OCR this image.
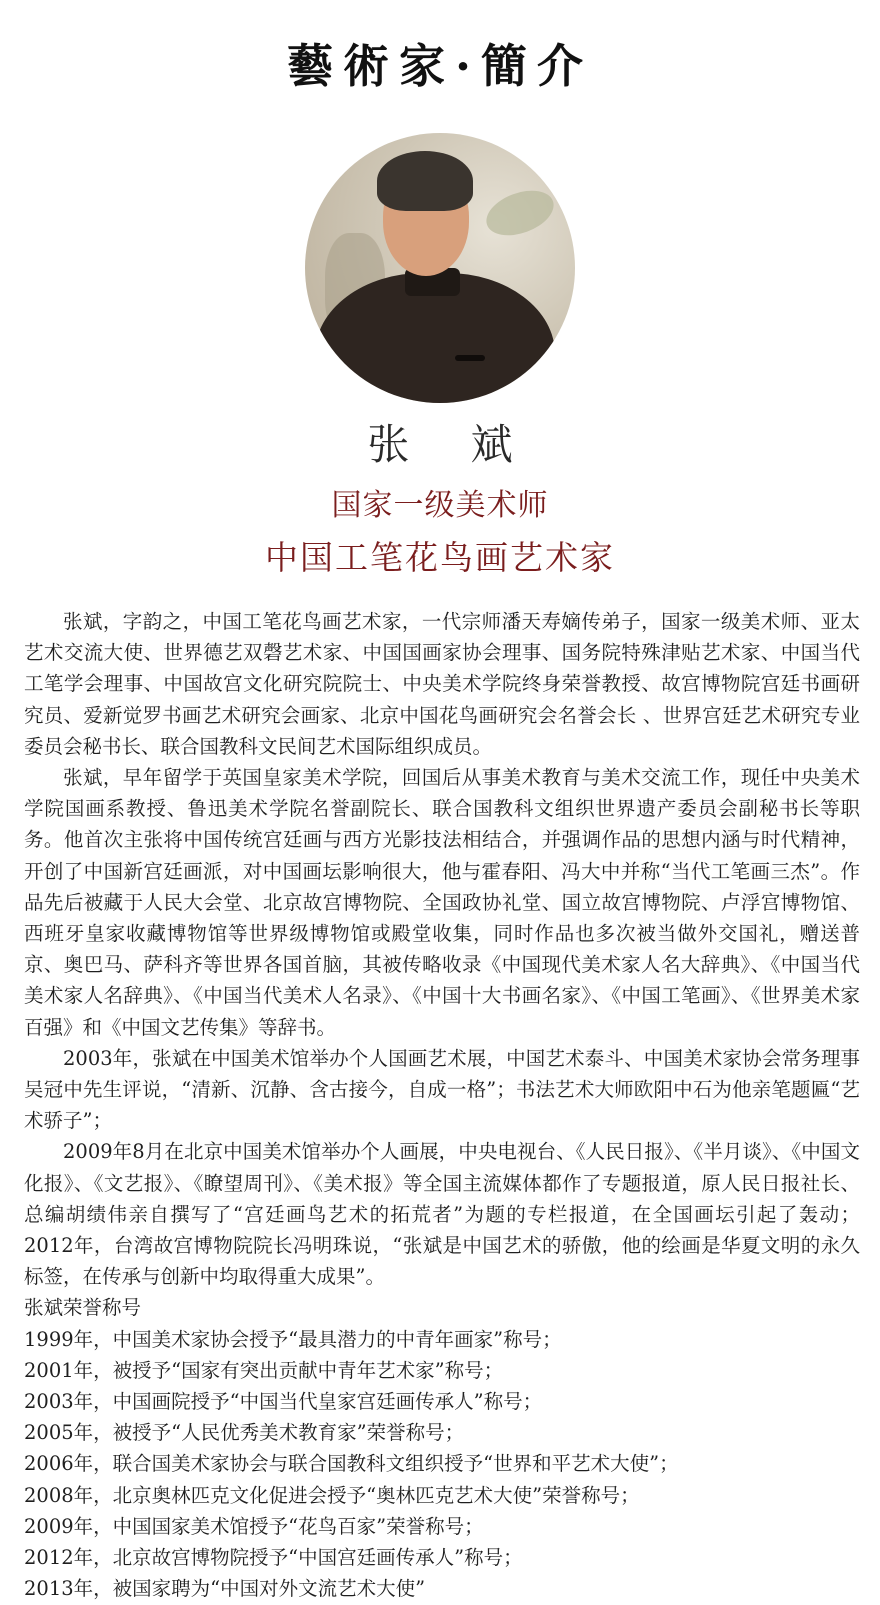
藝術家·簡介
张 斌
国家一级美术师
中国工笔花鸟画艺术家

张斌，字韵之，中国工笔花鸟画艺术家，一代宗师潘天寿嫡传弟子，国家一级美术师、亚太艺术交流大使、世界德艺双磬艺术家、中国国画家协会理事、国务院特殊津贴艺术家、中国当代工笔学会理事、中国故宫文化研究院院士、中央美术学院终身荣誉教授、故宫博物院宫廷书画研究员、爱新觉罗书画艺术研究会画家、北京中国花鸟画研究会名誉会长 、世界宫廷艺术研究专业委员会秘书长、联合国教科文民间艺术国际组织成员。

张斌，早年留学于英国皇家美术学院，回国后从事美术教育与美术交流工作，现任中央美术学院国画系教授、鲁迅美术学院名誉副院长、联合国教科文组织世界遗产委员会副秘书长等职务。他首次主张将中国传统宫廷画与西方光影技法相结合，并强调作品的思想内涵与时代精神，开创了中国新宫廷画派，对中国画坛影响很大，他与霍春阳、冯大中并称“当代工笔画三杰”。作品先后被藏于人民大会堂、北京故宫博物院、全国政协礼堂、国立故宫博物院、卢浮宫博物馆、西班牙皇家收藏博物馆等世界级博物馆或殿堂收集，同时作品也多次被当做外交国礼，赠送普京、奥巴马、萨科齐等世界各国首脑，其被传略收录《中国现代美术家人名大辞典》、《中国当代美术家人名辞典》、《中国当代美术人名录》、《中国十大书画名家》、《中国工笔画》、《世界美术家百强》和《中国文艺传集》等辞书。

2003年，张斌在中国美术馆举办个人国画艺术展，中国艺术泰斗、中国美术家协会常务理事吴冠中先生评说，“清新、沉静、含古接今，自成一格”；书法艺术大师欧阳中石为他亲笔题匾“艺术骄子”；

2009年8月在北京中国美术馆举办个人画展，中央电视台、《人民日报》、《半月谈》、《中国文化报》、《文艺报》、《瞭望周刊》、《美术报》等全国主流媒体都作了专题报道，原人民日报社长、总编胡绩伟亲自撰写了“宫廷画鸟艺术的拓荒者”为题的专栏报道，在全国画坛引起了轰动； 2012年，台湾故宫博物院院长冯明珠说，“张斌是中国艺术的骄傲，他的绘画是华夏文明的永久标签，在传承与创新中均取得重大成果”。

张斌荣誉称号

1999年，中国美术家协会授予“最具潜力的中青年画家”称号；
2001年，被授予“国家有突出贡献中青年艺术家”称号；
2003年，中国画院授予“中国当代皇家宫廷画传承人”称号；
2005年，被授予“人民优秀美术教育家”荣誉称号；
2006年，联合国美术家协会与联合国教科文组织授予“世界和平艺术大使”；
2008年，北京奥林匹克文化促进会授予“奥林匹克艺术大使”荣誉称号；
2009年，中国国家美术馆授予“花鸟百家”荣誉称号；
2012年，北京故宫博物院授予“中国宫廷画传承人”称号；
2013年，被国家聘为“中国对外文流艺术大使”
